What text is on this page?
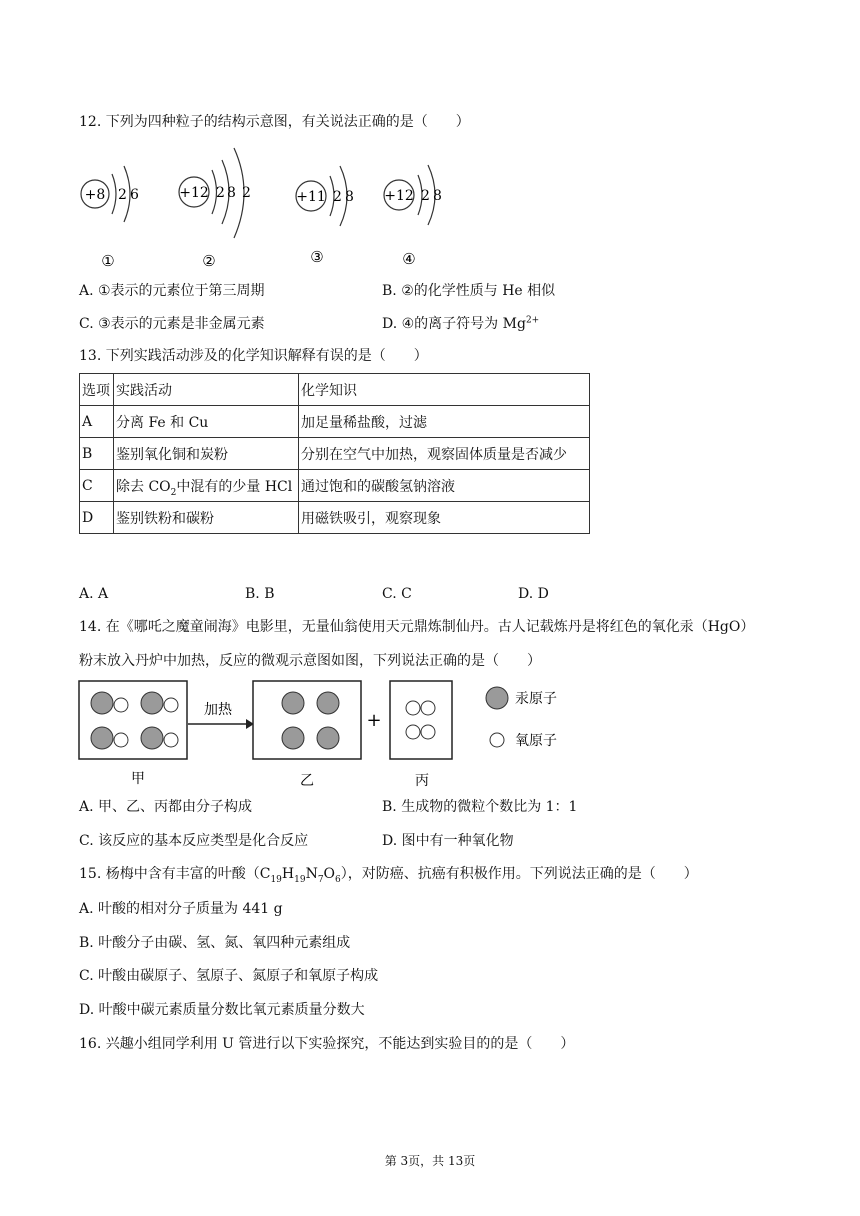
12. 下列为四种粒子的结构示意图，有关说法正确的是（　　）
+8 2 6
①
+12 2 8 2
②
+11 2 8
③
+12 2 8
④
A. ①表示的元素位于第三周期	B. ②的化学性质与 He 相似
C. ③表示的元素是非金属元素	D. ④的离子符号为 $Mg^{2+}$
13. 下列实践活动涉及的化学知识解释有误的是（　　）
选项	实践活动	化学知识
A	分离 Fe 和 Cu	加足量稀盐酸，过滤
B	鉴别氧化铜和炭粉	分别在空气中加热，观察固体质量是否减少
C	除去 $CO_2$中混有的少量 HCl	通过饱和的碳酸氢钠溶液
D	鉴别铁粉和碳粉	用磁铁吸引，观察现象
A. A	B. B	C. C	D. D
14. 在《哪吒之魔童闹海》电影里，无量仙翁使用天元鼎炼制仙丹。古人记载炼丹是将红色的氧化汞（HgO）
粉末放入丹炉中加热，反应的微观示意图如图，下列说法正确的是（　　）
加热	+
汞原子
氧原子
甲	乙	丙
A. 甲、乙、丙都由分子构成	B. 生成物的微粒个数比为 1：1
C. 该反应的基本反应类型是化合反应	D. 图中有一种氧化物
15. 杨梅中含有丰富的叶酸$(C_{19}H_{19}N_7O_6)$，对防癌、抗癌有积极作用。下列说法正确的是（　　）
A. 叶酸的相对分子质量为 441 g
B. 叶酸分子由碳、氢、氮、氧四种元素组成
C. 叶酸由碳原子、氢原子、氮原子和氧原子构成
D. 叶酸中碳元素质量分数比氧元素质量分数大
16. 兴趣小组同学利用 U 管进行以下实验探究，不能达到实验目的的是（　　）
第 3页，共 13页
